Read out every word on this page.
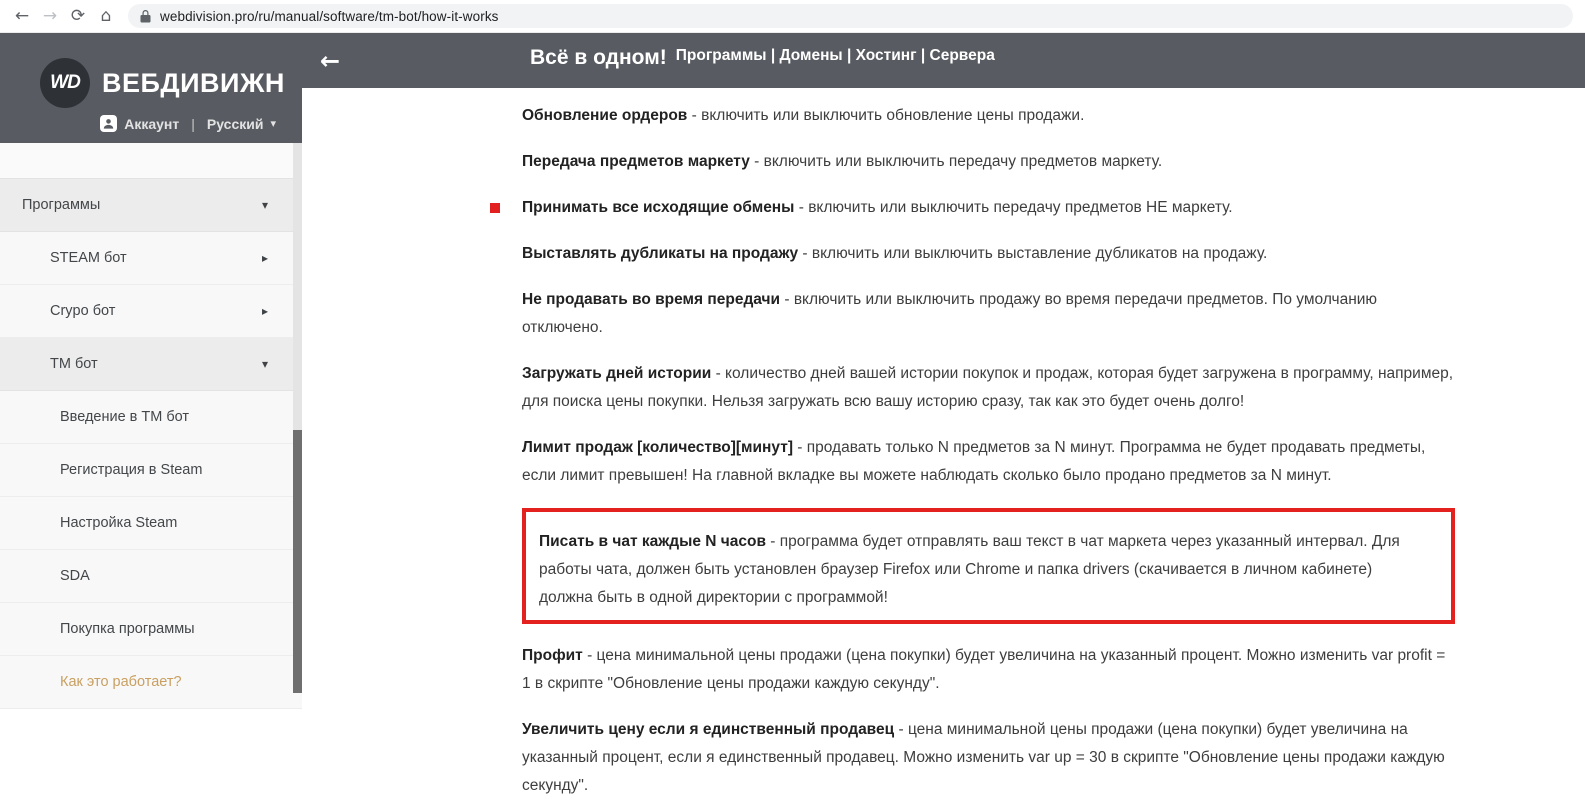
← → ⟳ ⌂	webdivision.pro/ru/manual/software/tm-bot/how-it-works
WD ВЕБДИВИЖН
Аккаунт | Русский ▾
Программы	▾
STEAM бот	▸
Crypo бот	▸
TM бот	▾
Введение в TM бот
Регистрация в Steam
Настройка Steam
SDA
Покупка программы
Как это работает?
←	Всё в одном! Программы | Домены | Хостинг | Сервера

Обновление ордеров - включить или выключить обновление цены продажи.

Передача предметов маркету - включить или выключить передачу предметов маркету.

Принимать все исходящие обмены - включить или выключить передачу предметов НЕ маркету.

Выставлять дубликаты на продажу - включить или выключить выставление дубликатов на продажу.

Не продавать во время передачи - включить или выключить продажу во время передачи предметов. По умолчанию отключено.

Загружать дней истории - количество дней вашей истории покупок и продаж, которая будет загружена в программу, например, для поиска цены покупки. Нельзя загружать всю вашу историю сразу, так как это будет очень долго!

Лимит продаж [количество][минут] - продавать только N предметов за N минут. Программа не будет продавать предметы, если лимит превышен! На главной вкладке вы можете наблюдать сколько было продано предметов за N минут.

Писать в чат каждые N часов - программа будет отправлять ваш текст в чат маркета через указанный интервал. Для работы чата, должен быть установлен браузер Firefox или Chrome и папка drivers (скачивается в личном кабинете) должна быть в одной директории с программой!

Профит - цена минимальной цены продажи (цена покупки) будет увеличина на указанный процент. Можно изменить var profit = 1 в скрипте "Обновление цены продажи каждую секунду".

Увеличить цену если я единственный продавец - цена минимальной цены продажи (цена покупки) будет увеличина на указанный процент, если я единственный продавец. Можно изменить var up = 30 в скрипте "Обновление цены продажи каждую секунду".
